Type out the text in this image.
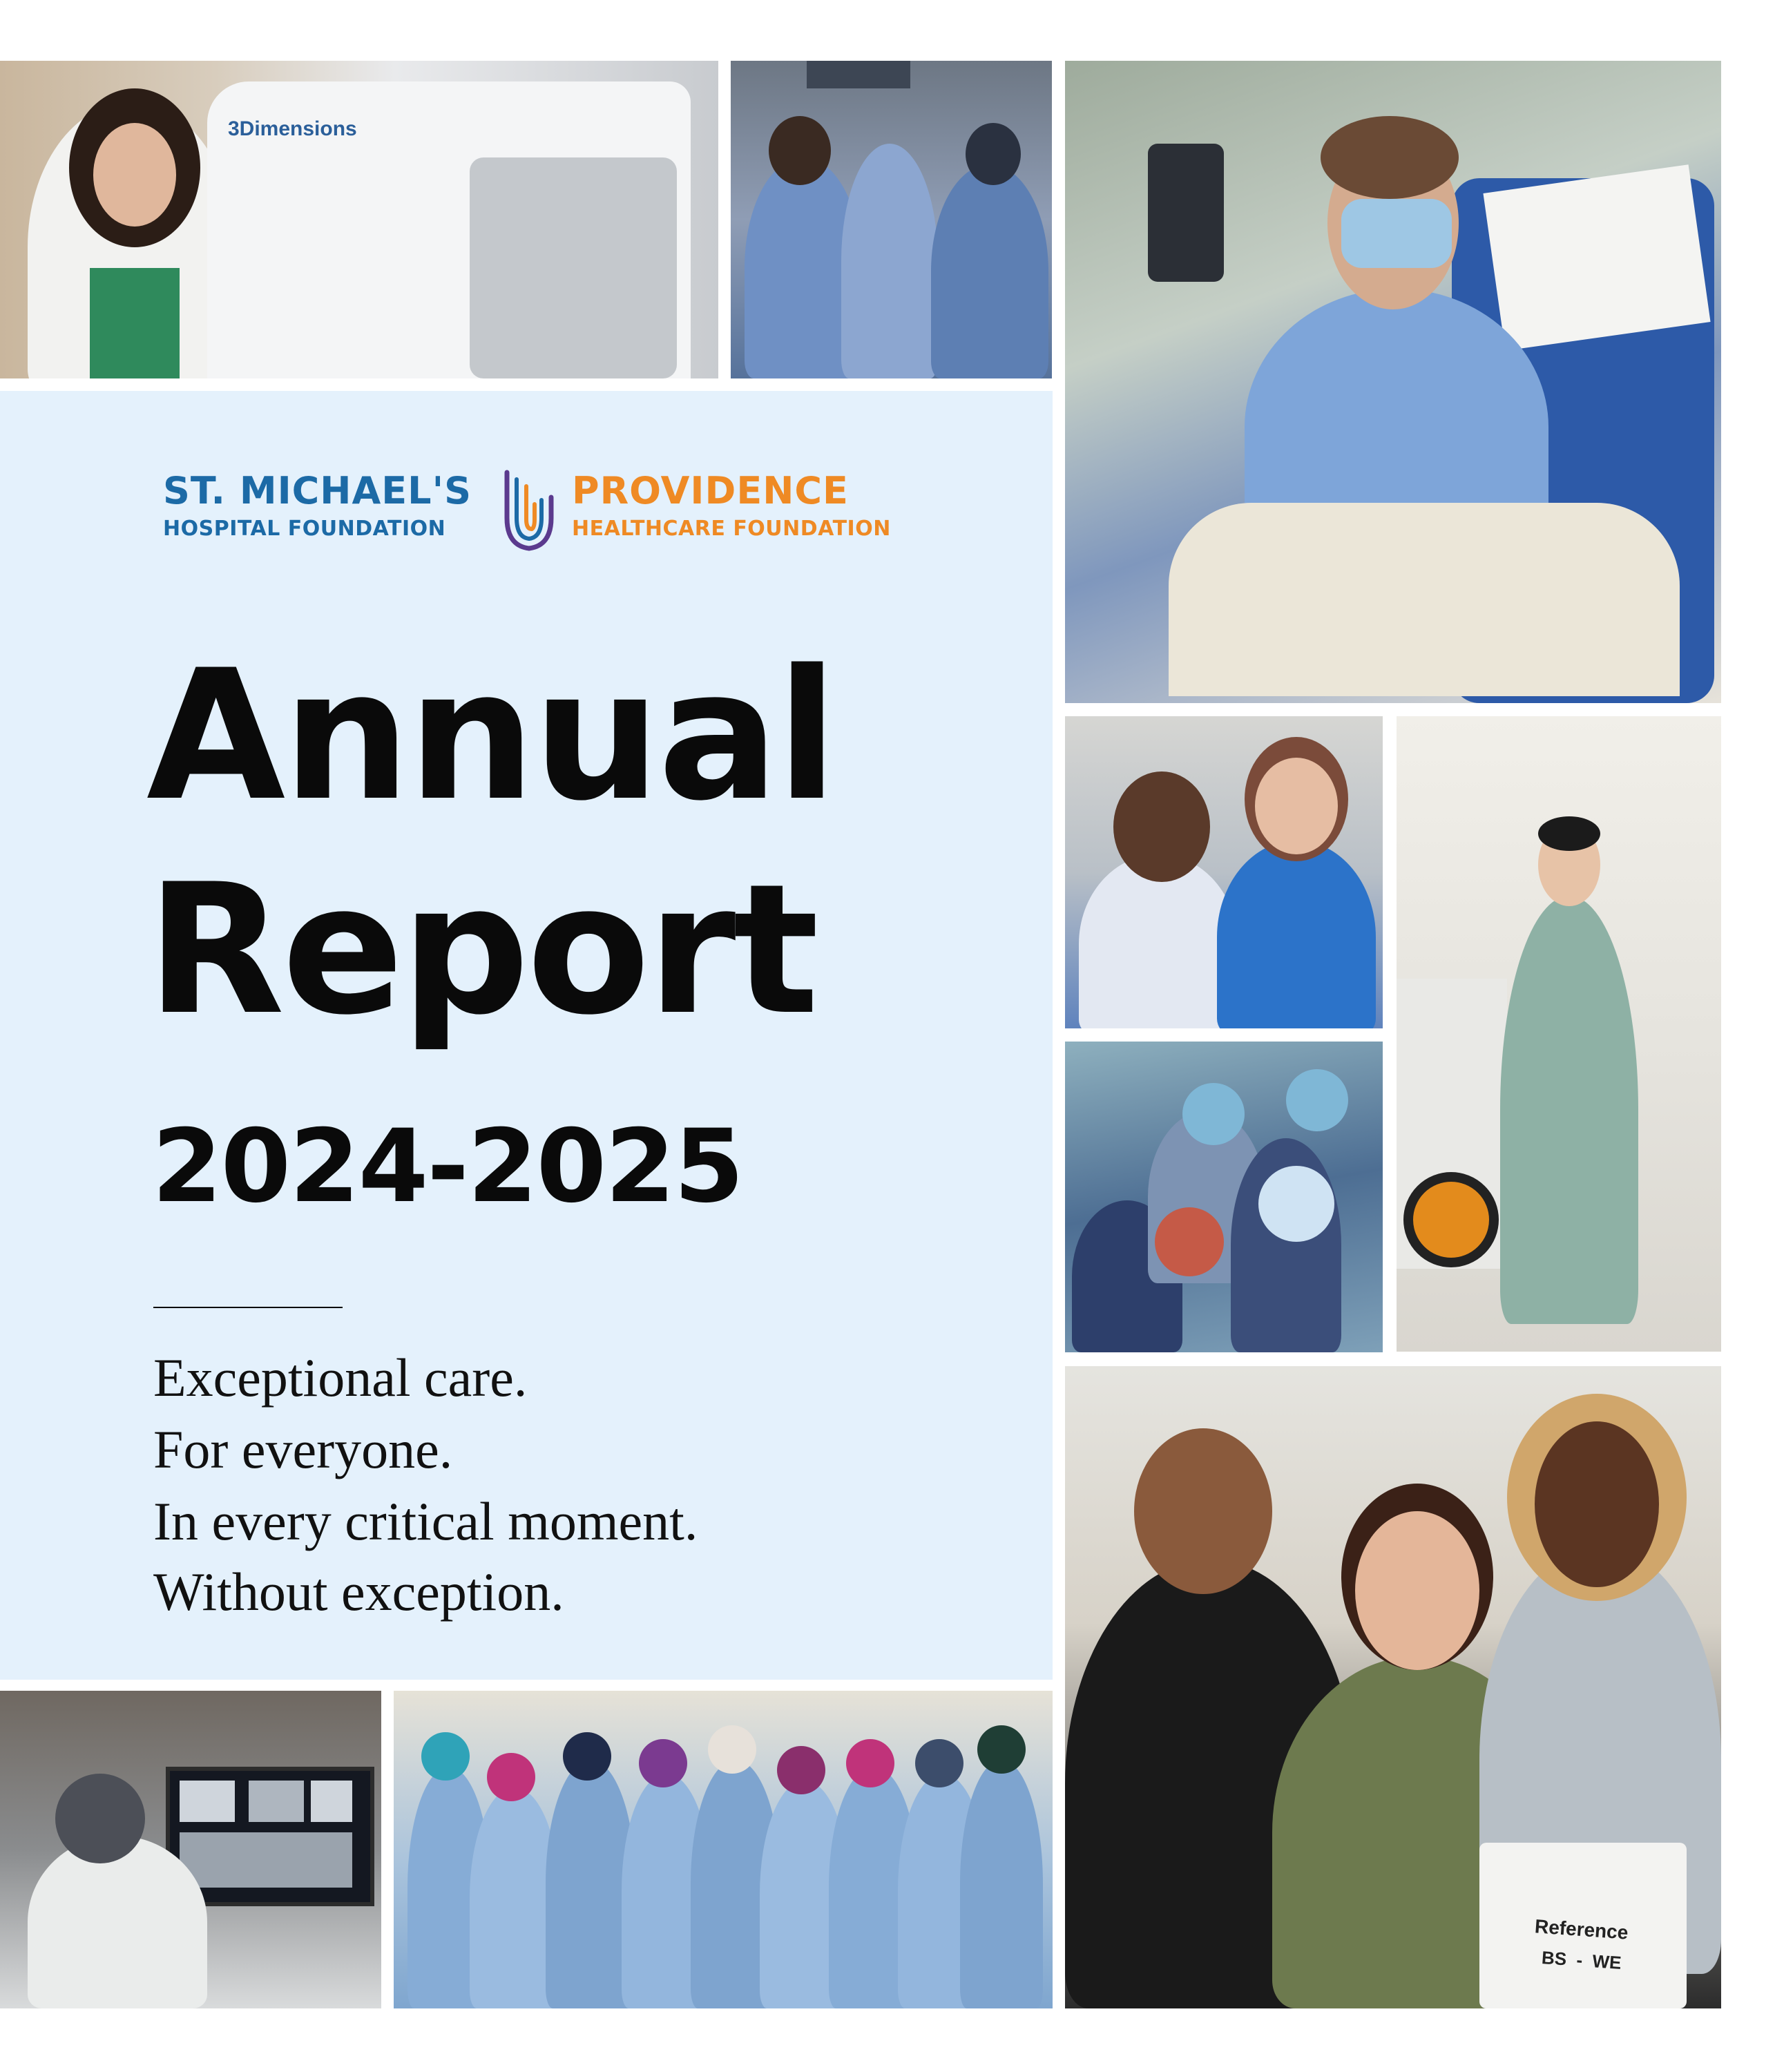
3Dimensions
Reference
BS  -  WE
ST. MICHAEL'S
HOSPITAL FOUNDATION
PROVIDENCE
HEALTHCARE FOUNDATION
Annual
Report
2024-2025
Exceptional care.
For everyone.
In every critical moment.
Without exception.
